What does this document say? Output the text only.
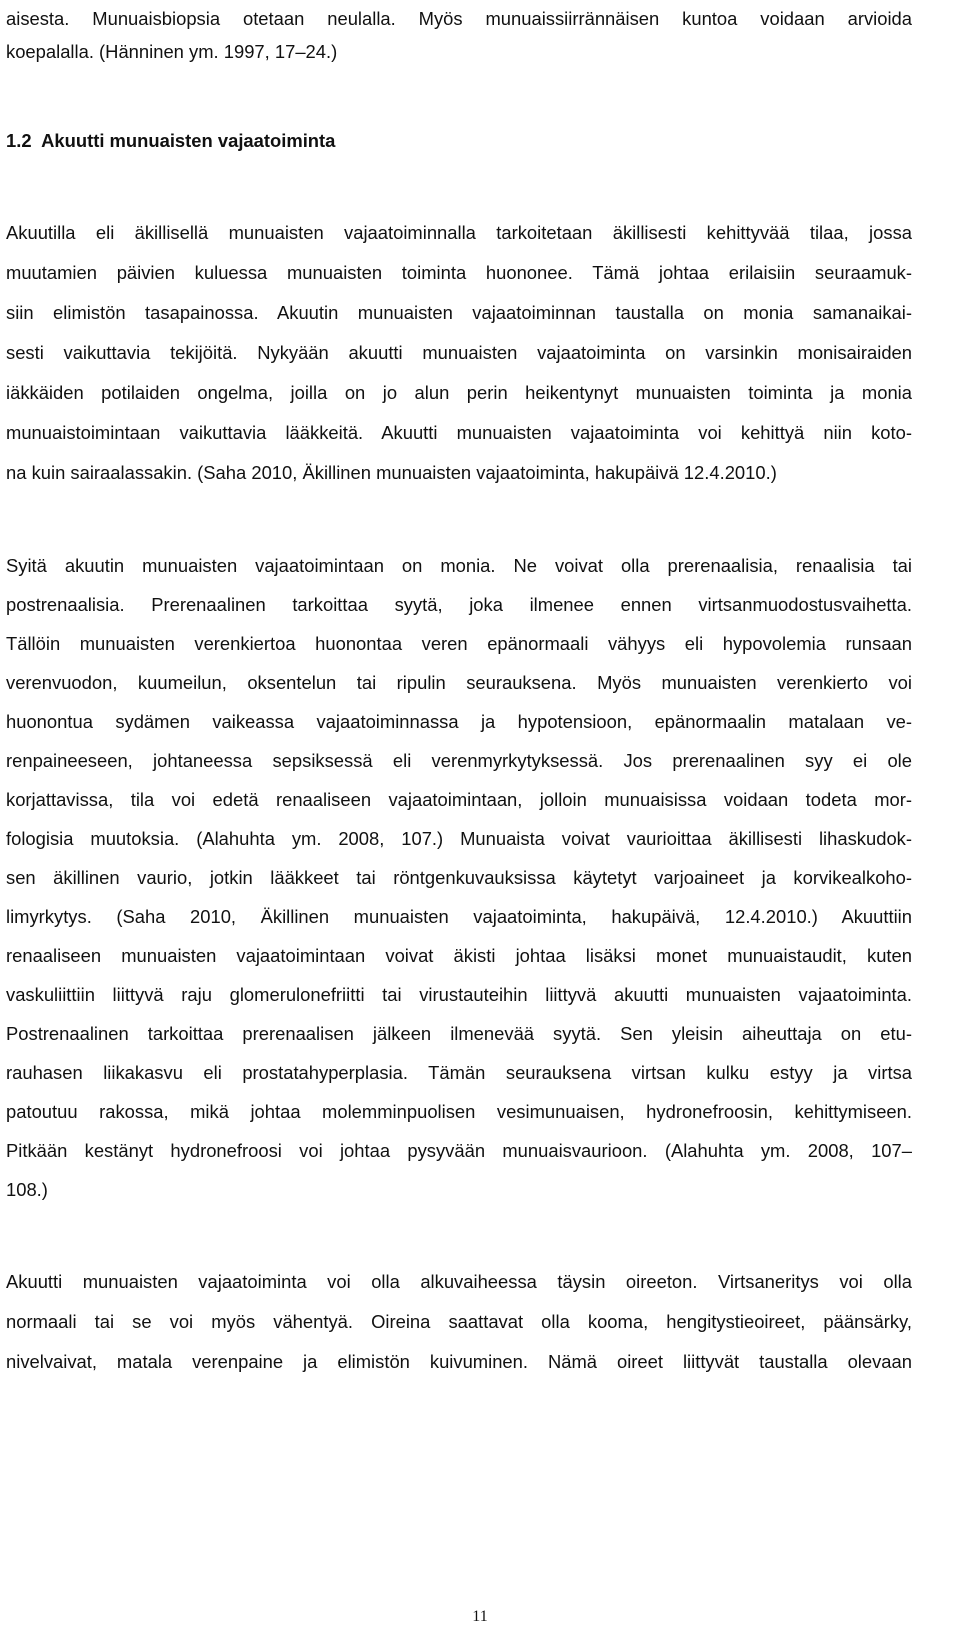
aisesta. Munuaisbiopsia otetaan neulalla. Myös munuaissiirrännäisen kuntoa voidaan arvioida
koepalalla. (Hänninen ym. 1997, 17–24.)
1.2  Akuutti munuaisten vajaatoiminta
Akuutilla eli äkillisellä munuaisten vajaatoiminnalla tarkoitetaan äkillisesti kehittyvää tilaa, jossa
muutamien päivien kuluessa munuaisten toiminta huononee. Tämä johtaa erilaisiin seuraamuk-
siin elimistön tasapainossa. Akuutin munuaisten vajaatoiminnan taustalla on monia samanaikai-
sesti vaikuttavia tekijöitä. Nykyään akuutti munuaisten vajaatoiminta on varsinkin monisairaiden
iäkkäiden potilaiden ongelma, joilla on jo alun perin heikentynyt munuaisten toiminta ja monia
munuaistoimintaan vaikuttavia lääkkeitä. Akuutti munuaisten vajaatoiminta voi kehittyä niin koto-
na kuin sairaalassakin. (Saha 2010, Äkillinen munuaisten vajaatoiminta, hakupäivä 12.4.2010.)
Syitä akuutin munuaisten vajaatoimintaan on monia. Ne voivat olla prerenaalisia, renaalisia tai
postrenaalisia. Prerenaalinen tarkoittaa syytä, joka ilmenee ennen virtsanmuodostusvaihetta.
Tällöin munuaisten verenkiertoa huonontaa veren epänormaali vähyys eli hypovolemia runsaan
verenvuodon, kuumeilun, oksentelun tai ripulin seurauksena. Myös munuaisten verenkierto voi
huonontua sydämen vaikeassa vajaatoiminnassa ja hypotensioon, epänormaalin matalaan ve-
renpaineeseen, johtaneessa sepsiksessä eli verenmyrkytyksessä. Jos prerenaalinen syy ei ole
korjattavissa, tila voi edetä renaaliseen vajaatoimintaan, jolloin munuaisissa voidaan todeta mor-
fologisia muutoksia. (Alahuhta ym. 2008, 107.) Munuaista voivat vaurioittaa äkillisesti lihaskudok-
sen äkillinen vaurio, jotkin lääkkeet tai röntgenkuvauksissa käytetyt varjoaineet ja korvikealkoho-
limyrkytys. (Saha 2010, Äkillinen munuaisten vajaatoiminta, hakupäivä, 12.4.2010.) Akuuttiin
renaaliseen munuaisten vajaatoimintaan voivat äkisti johtaa lisäksi monet munuaistaudit, kuten
vaskuliittiin liittyvä raju glomerulonefriitti tai virustauteihin liittyvä akuutti munuaisten vajaatoiminta.
Postrenaalinen tarkoittaa prerenaalisen jälkeen ilmenevää syytä. Sen yleisin aiheuttaja on etu-
rauhasen liikakasvu eli prostatahyperplasia. Tämän seurauksena virtsan kulku estyy ja virtsa
patoutuu rakossa, mikä johtaa molemminpuolisen vesimunuaisen, hydronefroosin, kehittymiseen.
Pitkään kestänyt hydronefroosi voi johtaa pysyvään munuaisvaurioon. (Alahuhta ym. 2008, 107–
108.)
Akuutti munuaisten vajaatoiminta voi olla alkuvaiheessa täysin oireeton. Virtsaneritys voi olla
normaali tai se voi myös vähentyä. Oireina saattavat olla kooma, hengitystieoireet, päänsärky,
nivelvaivat, matala verenpaine ja elimistön kuivuminen. Nämä oireet liittyvät taustalla olevaan
11
